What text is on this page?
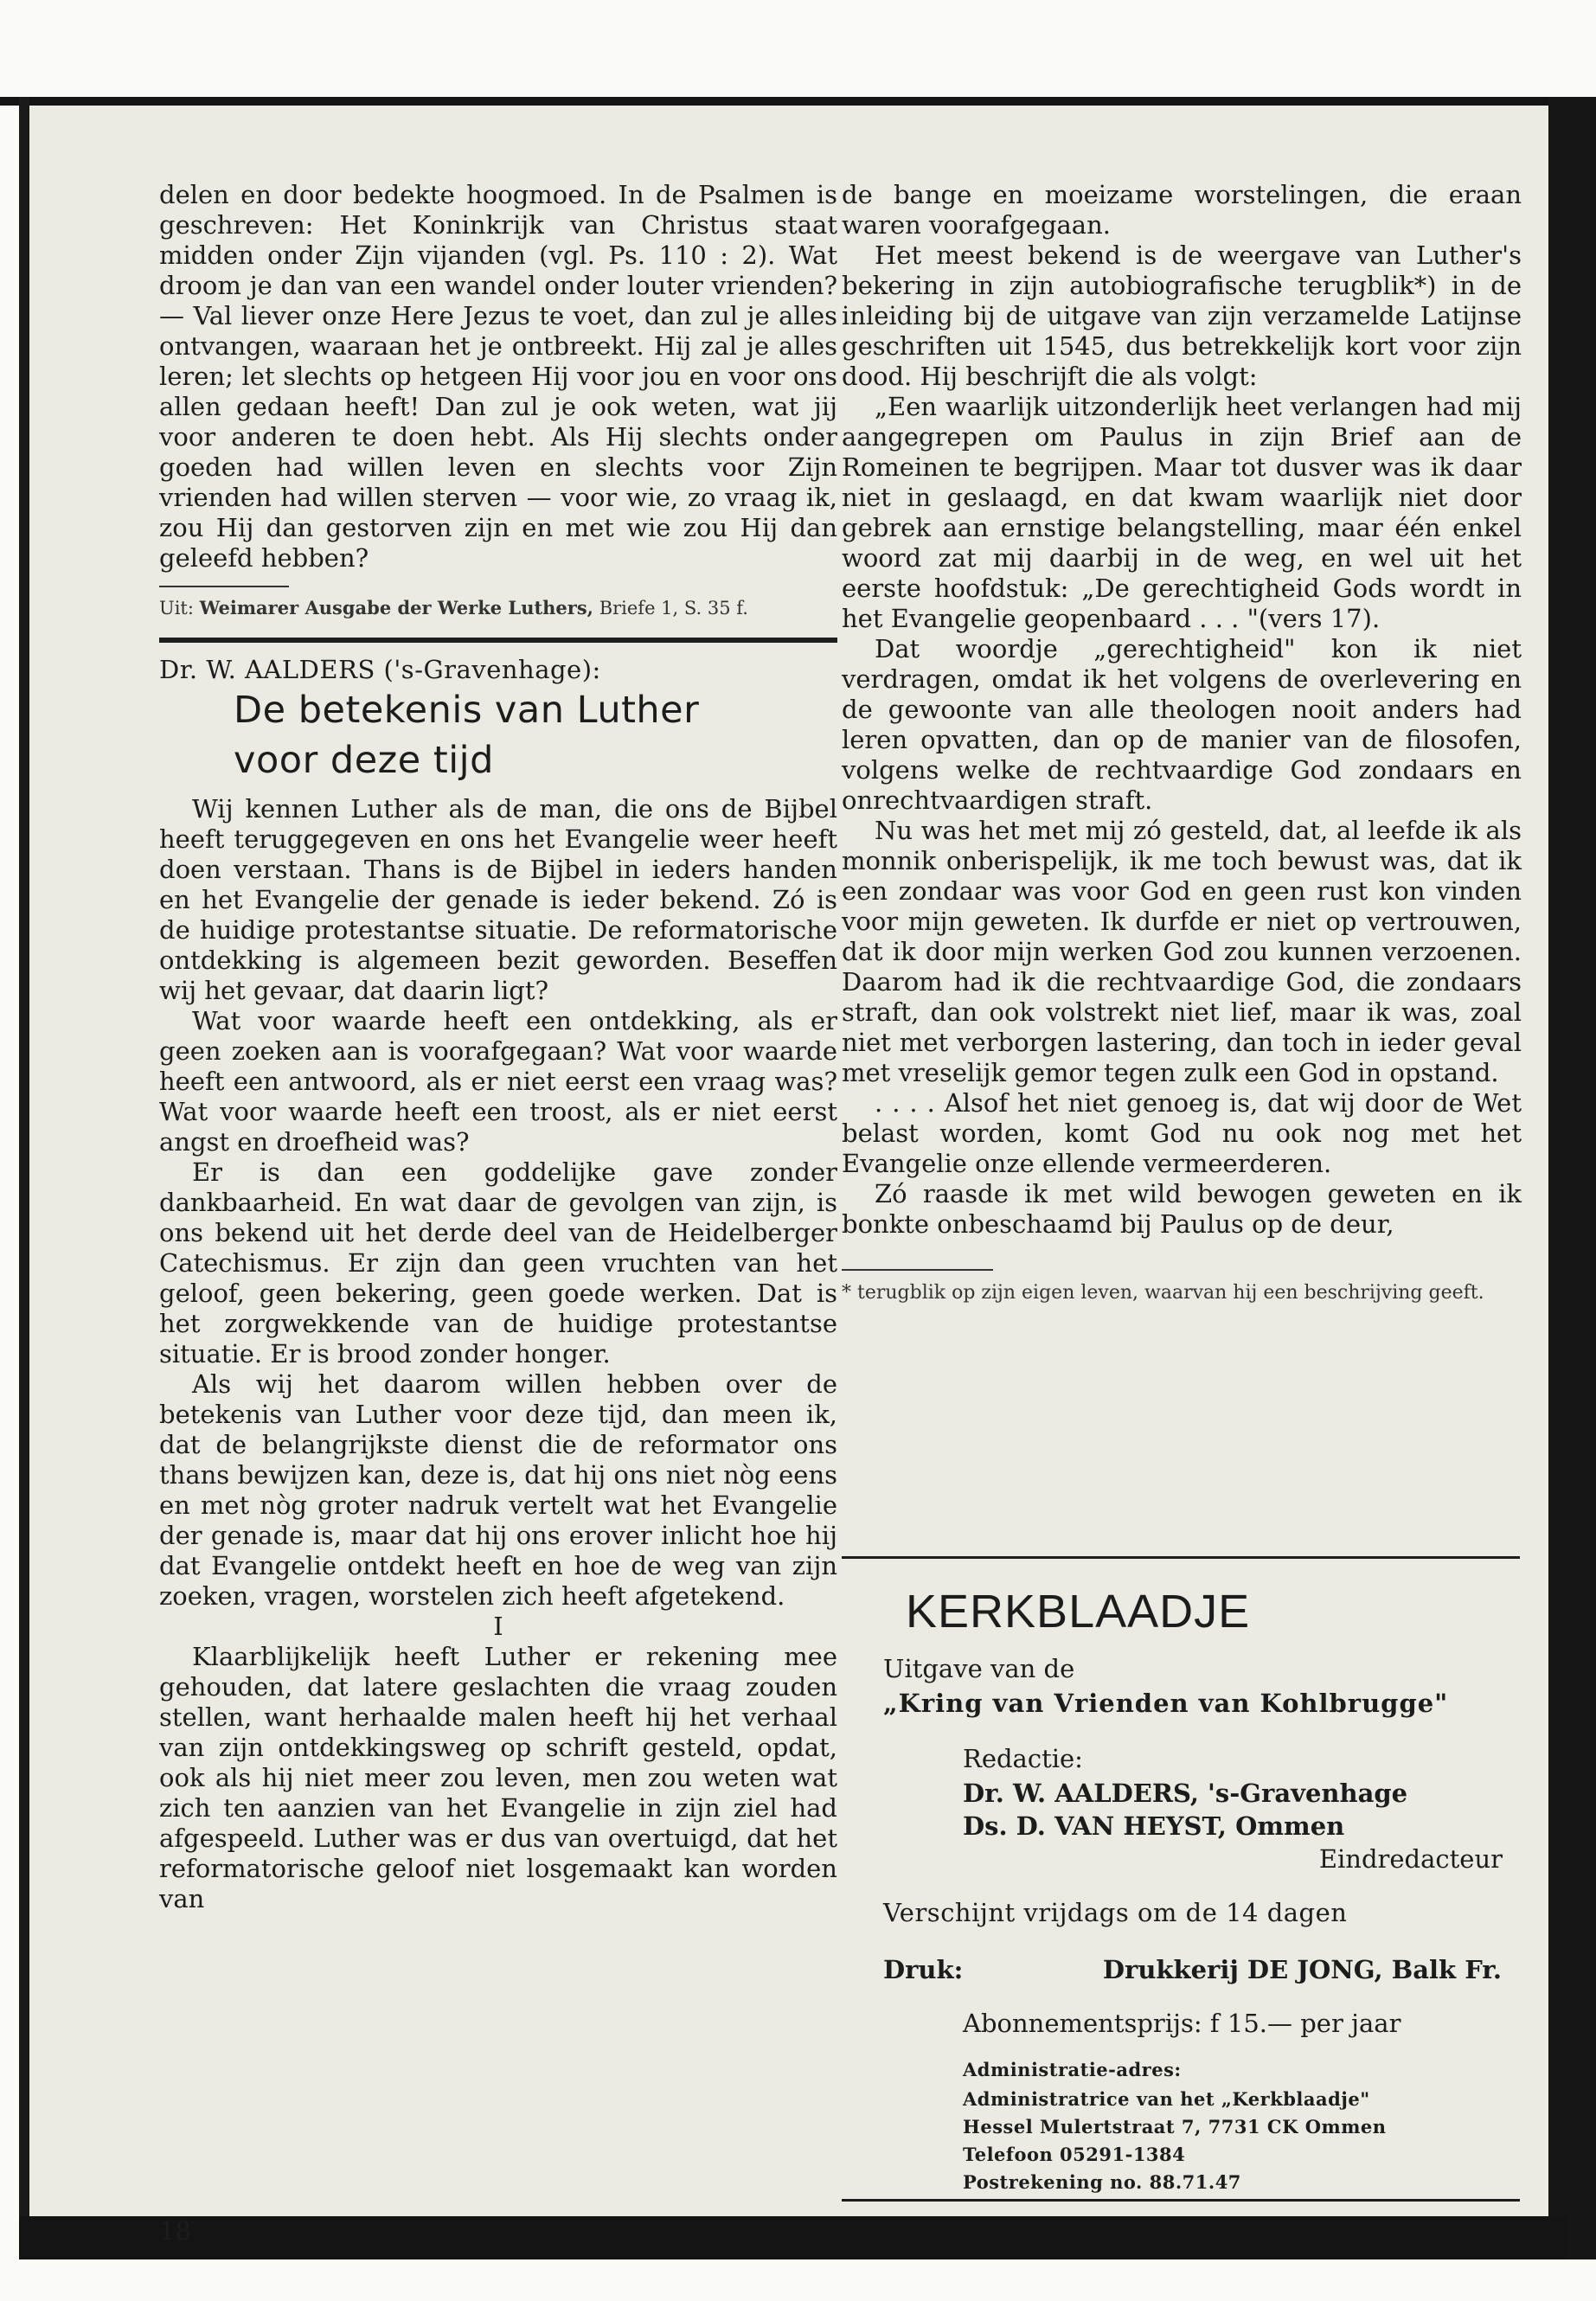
delen en door bedekte hoogmoed. In de Psalmen is geschreven: Het Koninkrijk van Christus staat midden onder Zijn vijanden (vgl. Ps. 110 : 2). Wat droom je dan van een wandel onder louter vrienden? — Val liever onze Here Jezus te voet, dan zul je alles ontvangen, waaraan het je ontbreekt. Hij zal je alles leren; let slechts op hetgeen Hij voor jou en voor ons allen gedaan heeft! Dan zul je ook weten, wat jij voor anderen te doen hebt. Als Hij slechts onder goeden had willen leven en slechts voor Zijn vrienden had willen sterven — voor wie, zo vraag ik, zou Hij dan gestorven zijn en met wie zou Hij dan geleefd hebben?

Uit: Weimarer Ausgabe der Werke Luthers, Briefe 1, S. 35 f.

Dr. W. AALDERS ('s-Gravenhage):

De betekenis van Luther
voor deze tijd

Wij kennen Luther als de man, die ons de Bijbel heeft teruggegeven en ons het Evangelie weer heeft doen verstaan. Thans is de Bijbel in ieders handen en het Evangelie der genade is ieder bekend. Zó is de huidige protestantse situatie. De reformatorische ontdekking is algemeen bezit geworden. Beseffen wij het gevaar, dat daarin ligt?

Wat voor waarde heeft een ontdekking, als er geen zoeken aan is voorafgegaan? Wat voor waarde heeft een antwoord, als er niet eerst een vraag was? Wat voor waarde heeft een troost, als er niet eerst angst en droefheid was?

Er is dan een goddelijke gave zonder dankbaarheid. En wat daar de gevolgen van zijn, is ons bekend uit het derde deel van de Heidelberger Catechismus. Er zijn dan geen vruchten van het geloof, geen bekering, geen goede werken. Dat is het zorgwekkende van de huidige protestantse situatie. Er is brood zonder honger.

Als wij het daarom willen hebben over de betekenis van Luther voor deze tijd, dan meen ik, dat de belangrijkste dienst die de reformator ons thans bewijzen kan, deze is, dat hij ons niet nòg eens en met nòg groter nadruk vertelt wat het Evangelie der genade is, maar dat hij ons erover inlicht hoe hij dat Evangelie ontdekt heeft en hoe de weg van zijn zoeken, vragen, worstelen zich heeft afgetekend.

I

Klaarblijkelijk heeft Luther er rekening mee gehouden, dat latere geslachten die vraag zouden stellen, want herhaalde malen heeft hij het verhaal van zijn ontdekkingsweg op schrift gesteld, opdat, ook als hij niet meer zou leven, men zou weten wat zich ten aanzien van het Evangelie in zijn ziel had afgespeeld. Luther was er dus van overtuigd, dat het reformatorische geloof niet losgemaakt kan worden van

18

de bange en moeizame worstelingen, die eraan waren voorafgegaan.

Het meest bekend is de weergave van Luther's bekering in zijn autobiografische terugblik*) in de inleiding bij de uitgave van zijn verzamelde Latijnse geschriften uit 1545, dus betrekkelijk kort voor zijn dood. Hij beschrijft die als volgt:

„Een waarlijk uitzonderlijk heet verlangen had mij aangegrepen om Paulus in zijn Brief aan de Romeinen te begrijpen. Maar tot dusver was ik daar niet in geslaagd, en dat kwam waarlijk niet door gebrek aan ernstige belangstelling, maar één enkel woord zat mij daarbij in de weg, en wel uit het eerste hoofdstuk: „De gerechtigheid Gods wordt in het Evangelie geopenbaard . . . "(vers 17).

Dat woordje „gerechtigheid" kon ik niet verdragen, omdat ik het volgens de overlevering en de gewoonte van alle theologen nooit anders had leren opvatten, dan op de manier van de filosofen, volgens welke de rechtvaardige God zondaars en onrechtvaardigen straft.

Nu was het met mij zó gesteld, dat, al leefde ik als monnik onberispelijk, ik me toch bewust was, dat ik een zondaar was voor God en geen rust kon vinden voor mijn geweten. Ik durfde er niet op vertrouwen, dat ik door mijn werken God zou kunnen verzoenen. Daarom had ik die rechtvaardige God, die zondaars straft, dan ook volstrekt niet lief, maar ik was, zoal niet met verborgen lastering, dan toch in ieder geval met vreselijk gemor tegen zulk een God in opstand.

. . . . Alsof het niet genoeg is, dat wij door de Wet belast worden, komt God nu ook nog met het Evangelie onze ellende vermeerderen.

Zó raasde ik met wild bewogen geweten en ik bonkte onbeschaamd bij Paulus op de deur,

* terugblik op zijn eigen leven, waarvan hij een beschrijving geeft.

KERKBLAADJE
Uitgave van de
„Kring van Vrienden van Kohlbrugge"
Redactie:
Dr. W. AALDERS, 's-Gravenhage
Ds. D. VAN HEYST, Ommen
Eindredacteur
Verschijnt vrijdags om de 14 dagen
Druk:	Drukkerij DE JONG, Balk Fr.
Abonnementsprijs: f 15.— per jaar
Administratie-adres:
Administratrice van het „Kerkblaadje"
Hessel Mulertstraat 7, 7731 CK Ommen
Telefoon 05291-1384
Postrekening no. 88.71.47
